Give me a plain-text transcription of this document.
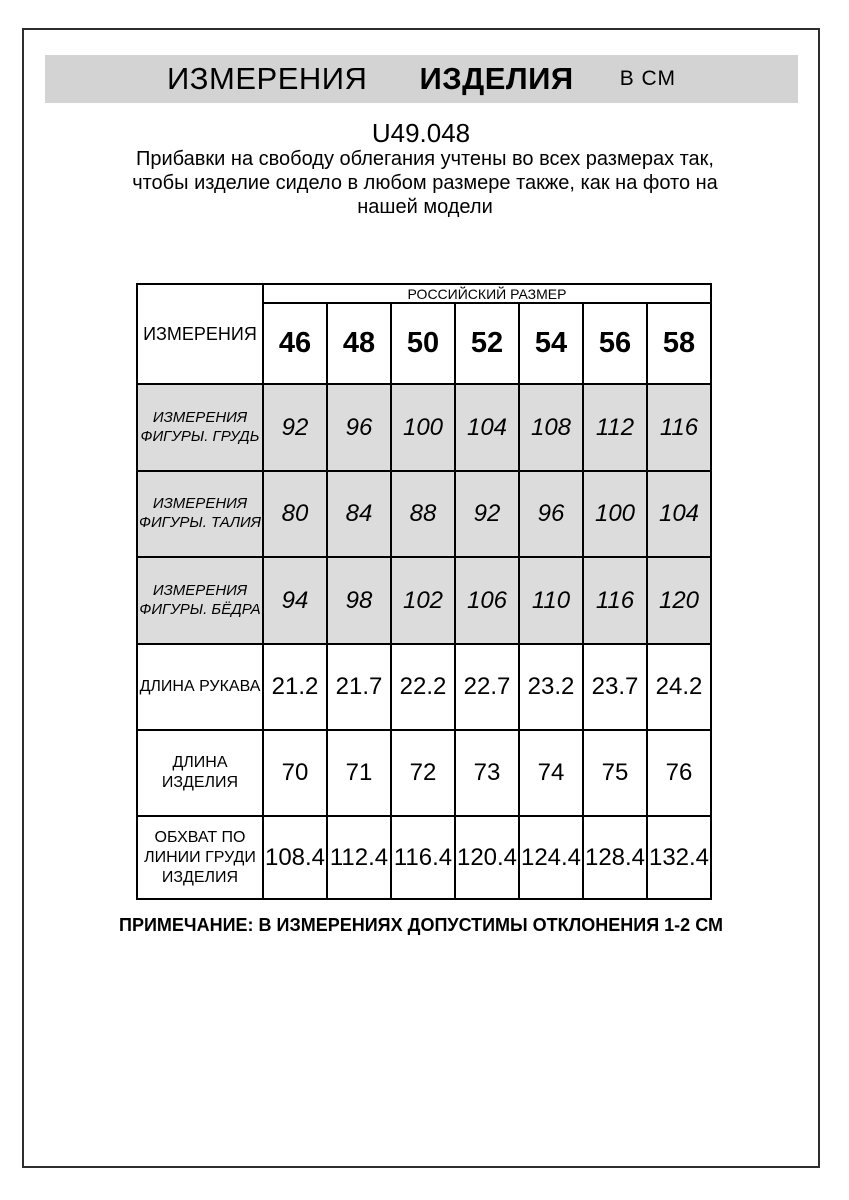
ИЗМЕРЕНИЯ ИЗДЕЛИЯ В СМ
U49.048
Прибавки на свободу облегания учтены во всех размерах так, чтобы изделие сидело в любом размере также, как на фото на нашей модели
ИЗМЕРЕНИЯ	РОССИЙСКИЙ РАЗМЕР						
	46	48	50	52	54	56	58
ИЗМЕРЕНИЯ ФИГУРЫ. ГРУДЬ	92	96	100	104	108	112	116
ИЗМЕРЕНИЯ ФИГУРЫ. ТАЛИЯ	80	84	88	92	96	100	104
ИЗМЕРЕНИЯ ФИГУРЫ. БЁДРА	94	98	102	106	110	116	120
ДЛИНА РУКАВА	21.2	21.7	22.2	22.7	23.2	23.7	24.2
ДЛИНА ИЗДЕЛИЯ	70	71	72	73	74	75	76
ОБХВАТ ПО ЛИНИИ ГРУДИ ИЗДЕЛИЯ	108.4	112.4	116.4	120.4	124.4	128.4	132.4
ПРИМЕЧАНИЕ: В ИЗМЕРЕНИЯХ ДОПУСТИМЫ ОТКЛОНЕНИЯ 1-2 СМ
